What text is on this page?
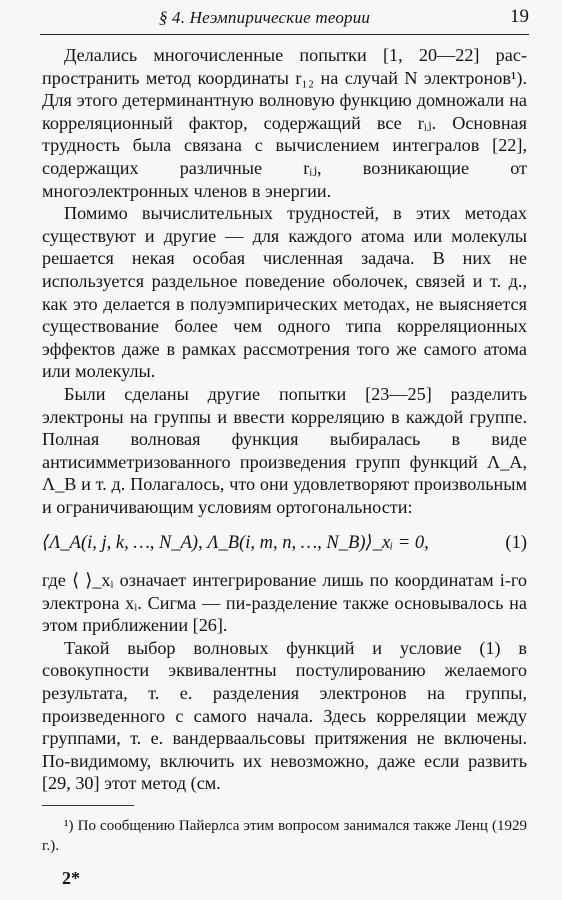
§ 4. Неэмпирические теории	19

Делались многочисленные попытки [1, 20—22] распространить метод координаты r₁₂ на случай N электронов¹). Для этого детерминантную волновую функцию домножали на корреляционный фактор, содержащий все rᵢⱼ. Основная трудность была связана с вычислением интегралов [22], содержащих различные rᵢⱼ, возникающие от многоэлектронных членов в энергии.

Помимо вычислительных трудностей, в этих методах существуют и другие — для каждого атома или молекулы решается некая особая численная задача. В них не используется раздельное поведение оболочек, связей и т. д., как это делается в полуэмпирических методах, не выясняется существование более чем одного типа корреляционных эффектов даже в рамках рассмотрения того же самого атома или молекулы.

Были сделаны другие попытки [23—25] разделить электроны на группы и ввести корреляцию в каждой группе. Полная волновая функция выбиралась в виде антисимметризованного произведения групп функций Λ_A, Λ_B и т. д. Полагалось, что они удовлетворяют произвольным и ограничивающим условиям ортогональности:

⟨Λ_A(i, j, k, …, N_A), Λ_B(i, m, n, …, N_B)⟩_xᵢ = 0,	(1)

где ⟨ ⟩_xᵢ означает интегрирование лишь по координатам i-го электрона xᵢ. Сигма — пи-разделение также основывалось на этом приближении [26].

Такой выбор волновых функций и условие (1) в совокупности эквивалентны постулированию желаемого результата, т. е. разделения электронов на группы, произведенного с самого начала. Здесь корреляции между группами, т. е. вандерваальсовы притяжения не включены. По-видимому, включить их невозможно, даже если развить [29, 30] этот метод (см.

¹) По сообщению Пайерлса этим вопросом занимался также Ленц (1929 г.).

2*
